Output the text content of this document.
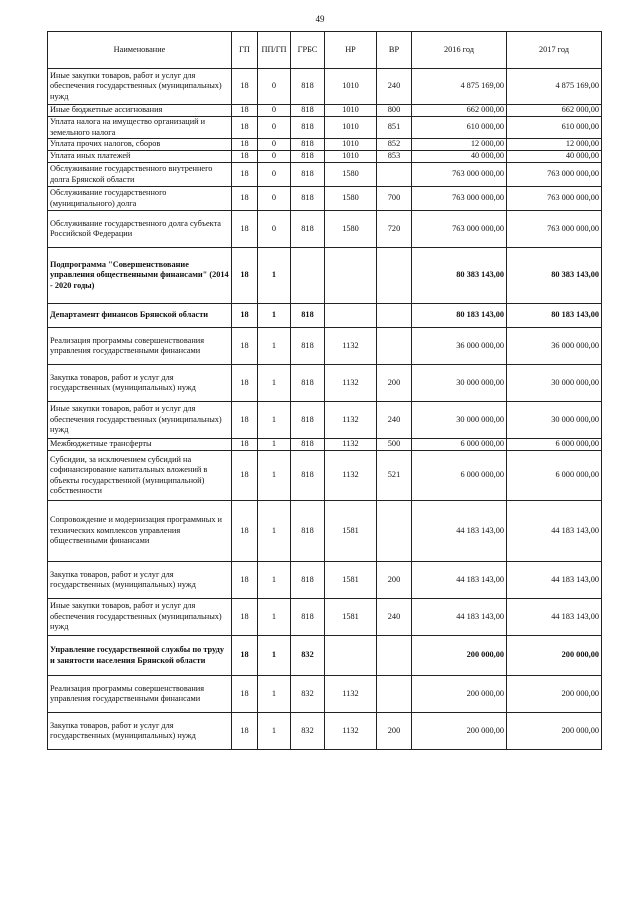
49
Наименование	ГП	ПП/ГП	ГРБС	НР	ВР	2016 год	2017 год
Иные закупки товаров, работ и услуг для обеспечения государственных (муниципальных) нужд	18	0	818	1010	240	4 875 169,00	4 875 169,00
Иные бюджетные ассигнования	18	0	818	1010	800	662 000,00	662 000,00
Уплата налога на имущество организаций и земельного налога	18	0	818	1010	851	610 000,00	610 000,00
Уплата прочих налогов, сборов	18	0	818	1010	852	12 000,00	12 000,00
Уплата иных платежей	18	0	818	1010	853	40 000,00	40 000,00
Обслуживание государственного внутреннего долга Брянской области	18	0	818	1580		763 000 000,00	763 000 000,00
Обслуживание государственного (муниципального) долга	18	0	818	1580	700	763 000 000,00	763 000 000,00
Обслуживание государственного долга субъекта Российской Федерации	18	0	818	1580	720	763 000 000,00	763 000 000,00
Подпрограмма "Совершенствование управления общественными финансами" (2014 - 2020 годы)	18	1				80 383 143,00	80 383 143,00
Департамент финансов Брянской области	18	1	818			80 183 143,00	80 183 143,00
Реализация программы совершенствования управления государственными финансами	18	1	818	1132		36 000 000,00	36 000 000,00
Закупка товаров, работ и услуг для государственных (муниципальных) нужд	18	1	818	1132	200	30 000 000,00	30 000 000,00
Иные закупки товаров, работ и услуг для обеспечения государственных (муниципальных) нужд	18	1	818	1132	240	30 000 000,00	30 000 000,00
Межбюджетные трансферты	18	1	818	1132	500	6 000 000,00	6 000 000,00
Субсидии, за исключением субсидий на софинансирование капитальных вложений в объекты государственной (муниципальной) собственности	18	1	818	1132	521	6 000 000,00	6 000 000,00
Сопровождение и модернизация программных и технических комплексов управления общественными финансами	18	1	818	1581		44 183 143,00	44 183 143,00
Закупка товаров, работ и услуг для государственных (муниципальных) нужд	18	1	818	1581	200	44 183 143,00	44 183 143,00
Иные закупки товаров, работ и услуг для обеспечения государственных (муниципальных) нужд	18	1	818	1581	240	44 183 143,00	44 183 143,00
Управление государственной службы по труду и занятости населения Брянской области	18	1	832			200 000,00	200 000,00
Реализация программы совершенствования управления государственными финансами	18	1	832	1132		200 000,00	200 000,00
Закупка товаров, работ и услуг для государственных (муниципальных) нужд	18	1	832	1132	200	200 000,00	200 000,00
